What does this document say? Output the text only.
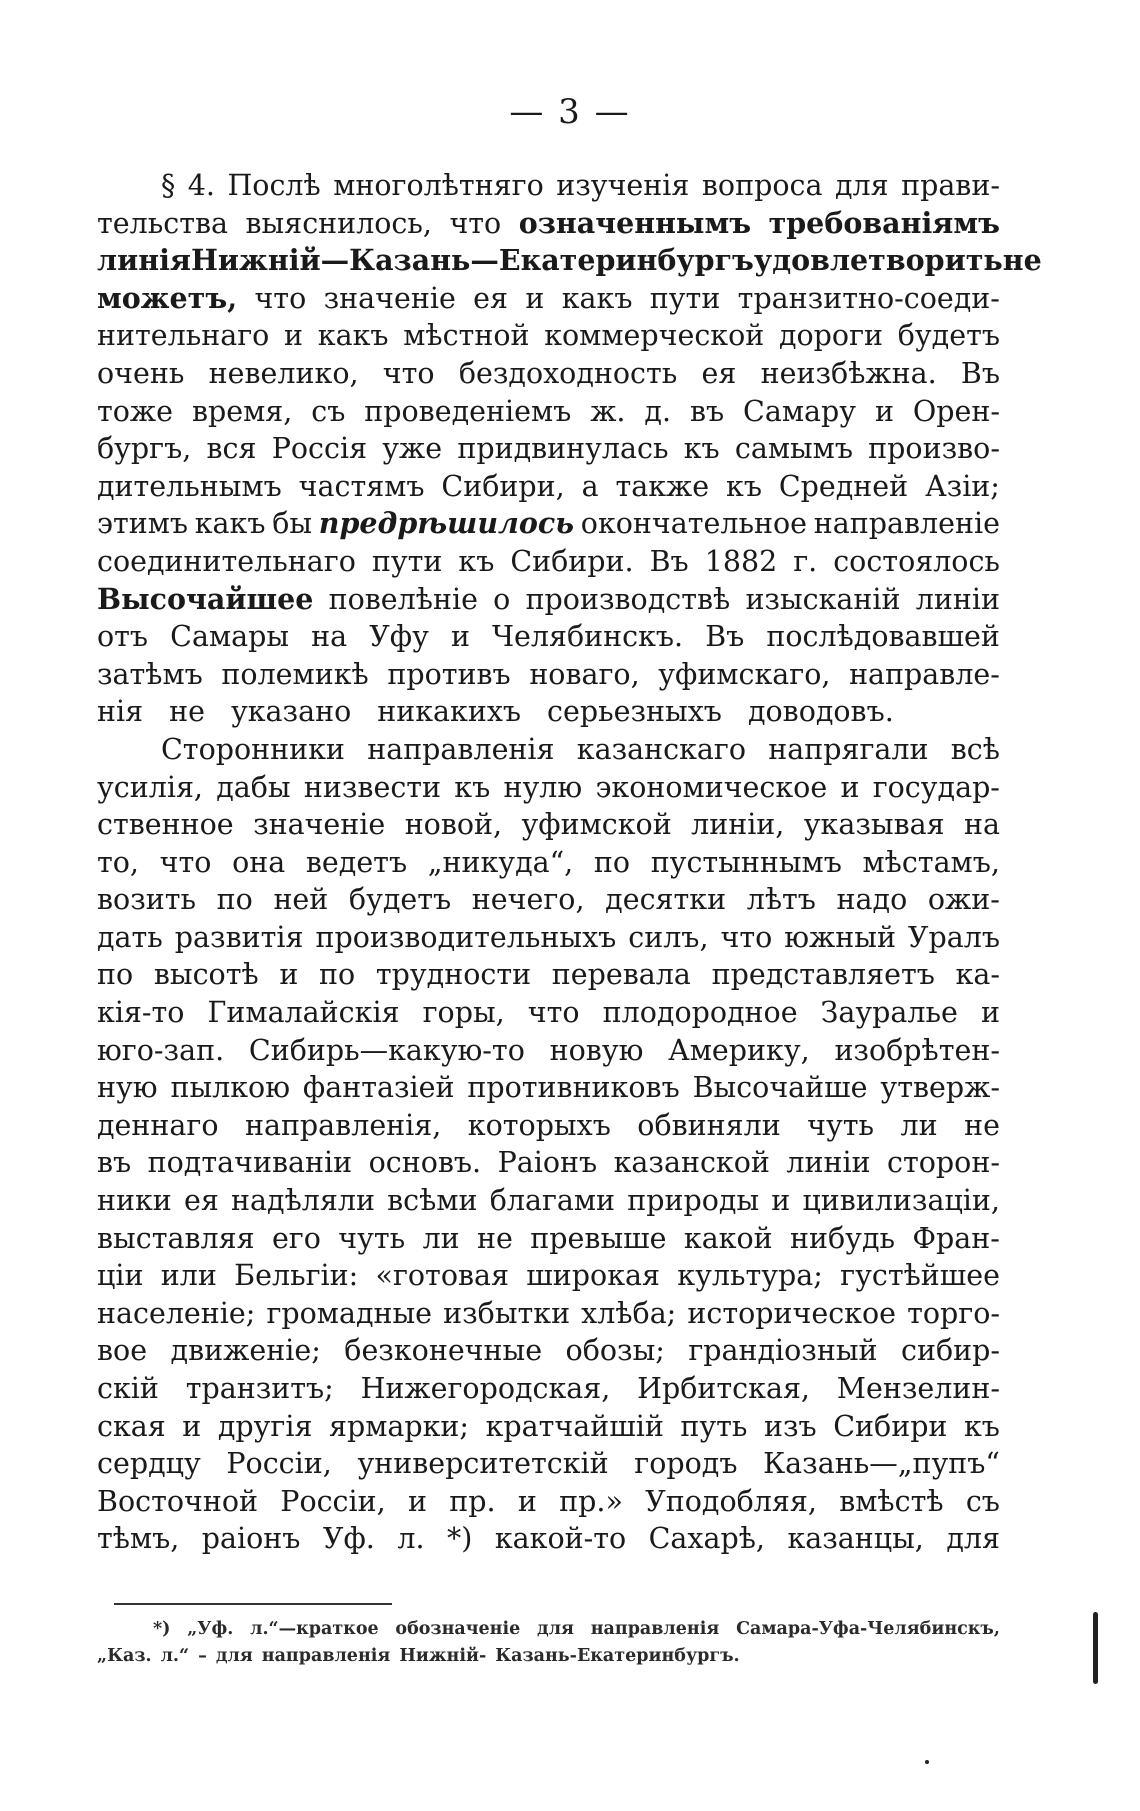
— 3 —
§ 4. Послѣ многолѣтняго изученія вопроса для прави-
тельства выяснилось, что означеннымъ требованіямъ
линія Нижній—Казань—Екатеринбургъ удовлетворить не
можетъ, что значеніе ея и какъ пути транзитно-соеди-
нительнаго и какъ мѣстной коммерческой дороги будетъ
очень невелико, что бездоходность ея неизбѣжна. Въ
тоже время, съ проведеніемъ ж. д. въ Самару и Орен-
бургъ, вся Россія уже придвинулась къ самымъ произво-
дительнымъ частямъ Сибири, а также къ Средней Азіи;
этимъ какъ бы предрѣшилось окончательное направленіе
соединительнаго пути къ Сибири. Въ 1882 г. состоялось
Высочайшее повелѣніе о производствѣ изысканій линіи
отъ Самары на Уфу и Челябинскъ. Въ послѣдовавшей
затѣмъ полемикѣ противъ новаго, уфимскаго, направле-
нія не указано никакихъ серьезныхъ доводовъ.
Сторонники направленія казанскаго напрягали всѣ
усилія, дабы низвести къ нулю экономическое и государ-
ственное значеніе новой, уфимской линіи, указывая на
то, что она ведетъ „никуда“, по пустыннымъ мѣстамъ,
возить по ней будетъ нечего, десятки лѣтъ надо ожи-
дать развитія производительныхъ силъ, что южный Уралъ
по высотѣ и по трудности перевала представляетъ ка-
кія-то Гималайскія горы, что плодородное Зауралье и
юго-зап. Сибирь—какую-то новую Америку, изобрѣтен-
ную пылкою фантазіей противниковъ Высочайше утверж-
деннаго направленія, которыхъ обвиняли чуть ли не
въ подтачиваніи основъ. Раіонъ казанской линіи сторон-
ники ея надѣляли всѣми благами природы и цивилизаціи,
выставляя его чуть ли не превыше какой нибудь Фран-
ціи или Бельгіи: «готовая широкая культура; густѣйшее
населеніе; громадные избытки хлѣба; историческое торго-
вое движеніе; безконечные обозы; грандіозный сибир-
скій транзитъ; Нижегородская, Ирбитская, Мензелин-
ская и другія ярмарки; кратчайшій путь изъ Сибири къ
сердцу Россіи, университетскій городъ Казань—„пупъ“
Восточной Россіи, и пр. и пр.» Уподобляя, вмѣстѣ съ
тѣмъ, раіонъ Уф. л. *) какой-то Сахарѣ, казанцы, для
*) „Уф. л.“—краткое обозначеніе для направленія Самара-Уфа-Челябинскъ,
„Каз. л.“ – для направленія Нижній- Казань-Екатеринбургъ.
